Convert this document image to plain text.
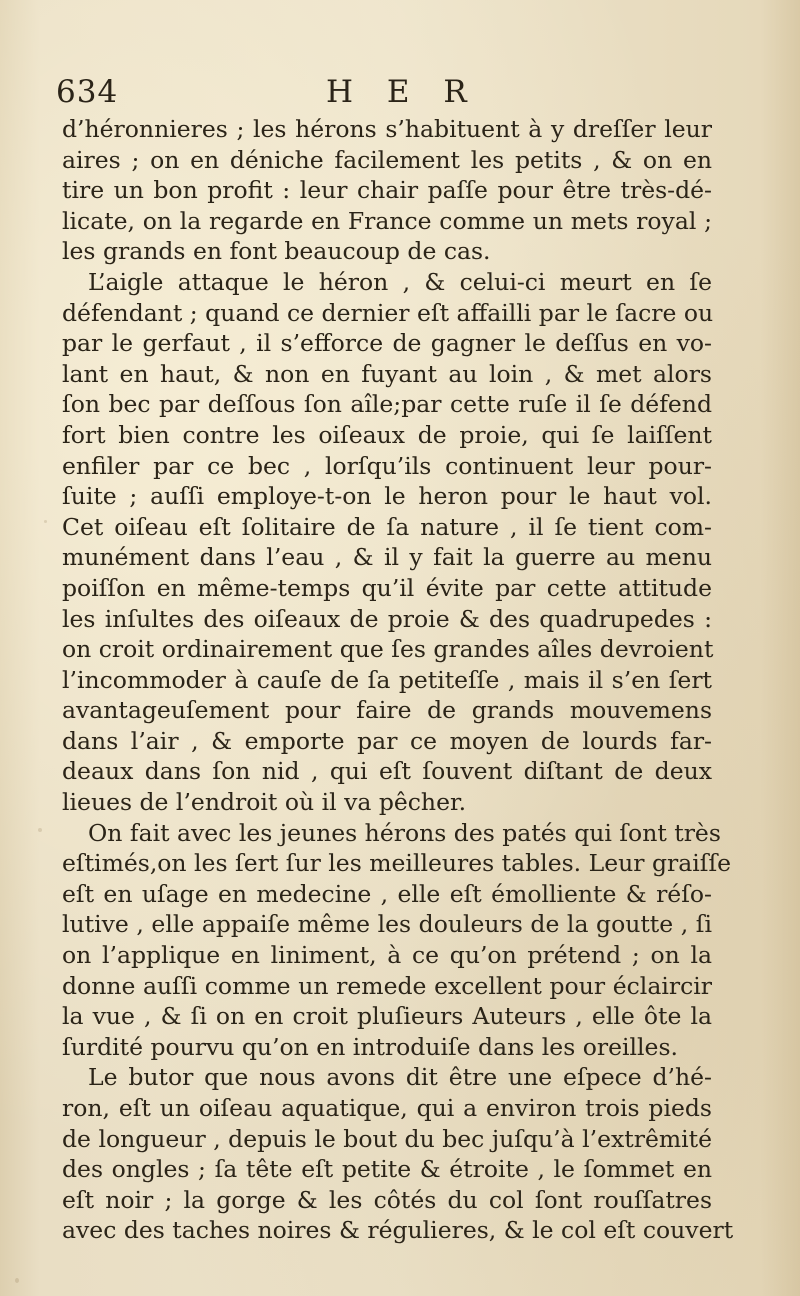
634	H E R
d’héronnieres ; les hérons s’habituent à y dreſſer leur
aires ; on en déniche facilement les petits , & on en
tire un bon profit : leur chair paſſe pour être très-dé-
licate, on la regarde en France comme un mets royal ;
les grands en font beaucoup de cas.
L’aigle attaque le héron , & celui-ci meurt en ſe
défendant ; quand ce dernier eſt affailli par le ſacre ou
par le gerfaut , il s’efforce de gagner le deſſus en vo-
lant en haut, & non en fuyant au loin , & met alors
ſon bec par deſſous ſon aîle;par cette ruſe il ſe défend
fort bien contre les oiſeaux de proie, qui ſe laiſſent
enfiler par ce bec , lorſqu’ils continuent leur pour-
ſuite ; auſſi employe-t-on le heron pour le haut vol.
Cet oiſeau eſt ſolitaire de ſa nature , il ſe tient com-
munément dans l’eau , & il y fait la guerre au menu
poiſſon en même-temps qu’il évite par cette attitude
les inſultes des oiſeaux de proie & des quadrupedes :
on croit ordinairement que ſes grandes aîles devroient
l’incommoder à cauſe de ſa petiteſſe , mais il s’en ſert
avantageuſement pour faire de grands mouvemens
dans l’air , & emporte par ce moyen de lourds far-
deaux dans ſon nid , qui eſt ſouvent diſtant de deux
lieues de l’endroit où il va pêcher.
On fait avec les jeunes hérons des patés qui ſont très
eſtimés,on les ſert ſur les meilleures tables. Leur graiſſe
eſt en uſage en medecine , elle eſt émolliente & réſo-
lutive , elle appaiſe même les douleurs de la goutte , ſi
on l’applique en liniment, à ce qu’on prétend ; on la
donne auſſi comme un remede excellent pour éclaircir
la vue , & ſi on en croit pluſieurs Auteurs , elle ôte la
ſurdité pourvu qu’on en introduiſe dans les oreilles.
Le butor que nous avons dit être une eſpece d’hé-
ron, eſt un oiſeau aquatique, qui a environ trois pieds
de longueur , depuis le bout du bec juſqu’à l’extrêmité
des ongles ; ſa tête eſt petite & étroite , le ſommet en
eſt noir ; la gorge & les côtés du col ſont rouſſatres
avec des taches noires & régulieres, & le col eſt couvert
